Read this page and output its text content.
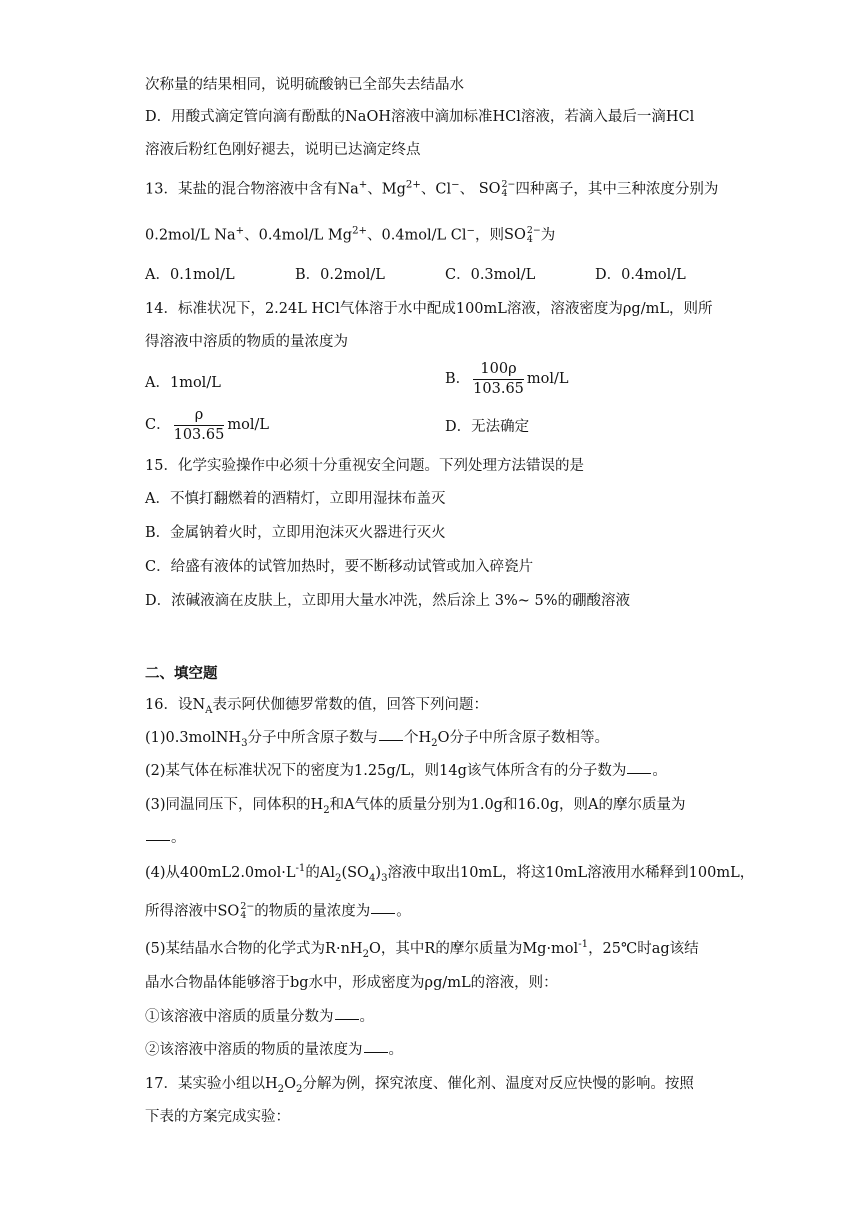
次称量的结果相同，说明硫酸钠已全部失去结晶水
D．用酸式滴定管向滴有酚酞的NaOH溶液中滴加标准HCl溶液，若滴入最后一滴HCl
溶液后粉红色刚好褪去，说明已达滴定终点
13．某盐的混合物溶液中含有Na+、$Mg^{2+}$、Cl−、 SO 2−
4 四种离子，其中三种浓度分别为
0.2mol/L Na+、0.4mol/L $Mg^{2+}$、0.4mol/L Cl−，则SO 2−
4 为
A．0.1mol/L	B．0.2mol/L	C．0.3mol/L	D．0.4mol/L
14．标准状况下，2.24L HCl气体溶于水中配成100mL溶液，溶液密度为ρg/mL，则所
得溶液中溶质的物质的量浓度为
A．1mol/L	B． $\frac{100\rho}{103.65} mol/L$
C． $\frac{\rho}{103.65} mol/L$	D．无法确定
15．化学实验操作中必须十分重视安全问题。下列处理方法错误的是
A．不慎打翻燃着的酒精灯，立即用湿抹布盖灭
B．金属钠着火时，立即用泡沫灭火器进行灭火
C．给盛有液体的试管加热时，要不断移动试管或加入碎瓷片
D．浓碱液滴在皮肤上，立即用大量水冲洗，然后涂上 3%~ 5%的硼酸溶液
二、填空题
16．设$N_A$表示阿伏伽德罗常数的值，回答下列问题：
(1)0.3molNH$_3$分子中所含原子数与 个$H_2O$分子中所含原子数相等。
(2)某气体在标准状况下的密度为1.25g/L，则14g该气体所含有的分子数为 。
(3)同温同压下，同体积的$H_2$和A气体的质量分别为1.0g和16.0g，则A的摩尔质量为
。
(4)从$400mL2.0mol\cdot L^{-1}$的$Al_2(SO_4)_3$溶液中取出10mL，将这10mL溶液用水稀释到100mL，
所得溶液中SO 2−
4 的物质的量浓度为 。
(5)某结晶水合物的化学式为$R\cdot nH_2O$，其中R的摩尔质量为Mg·mol$^{-1}$，25℃时ag该结
晶水合物晶体能够溶于bg水中，形成密度为ρg/mL的溶液，则：
①该溶液中溶质的质量分数为 。
②该溶液中溶质的物质的量浓度为 。
17．某实验小组以$H_2O_2$分解为例，探究浓度、催化剂、温度对反应快慢的影响。按照
下表的方案完成实验：
